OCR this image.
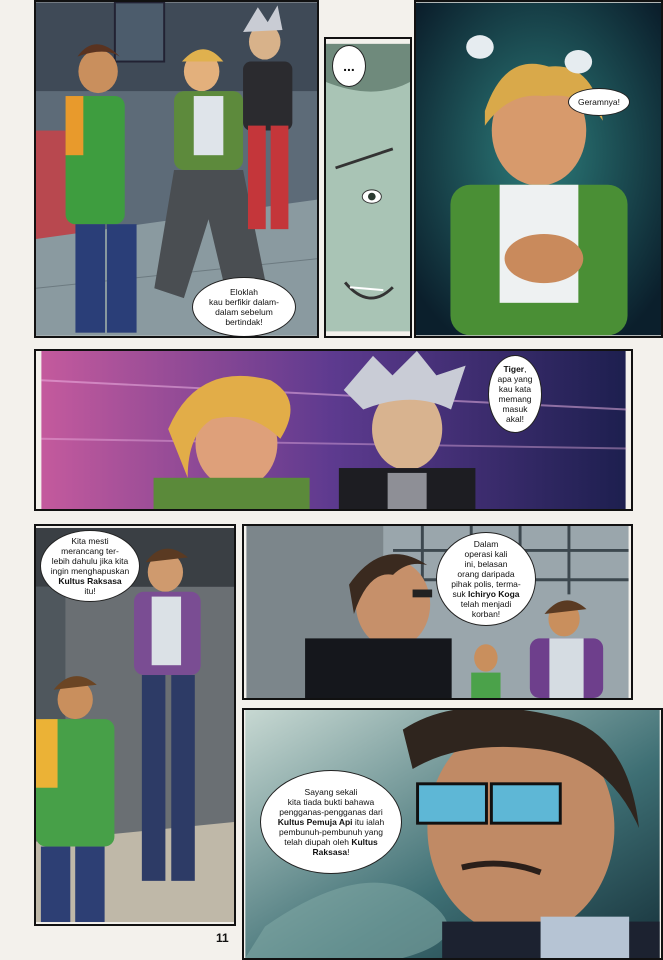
Eloklah
kau berfikir dalam-
dalam sebelum
bertindak!
...
Geramnya!
Tiger,
apa yang
kau kata
memang
masuk
akal!
Kita mesti
merancang ter-
lebih dahulu jika kita
ingin menghapuskan
Kultus Raksasa
itu!
Dalam
operasi kali
ini, belasan
orang daripada
pihak polis, terma-
suk Ichiryo Koga
telah menjadi
korban!
Sayang sekali
kita tiada bukti bahawa
pengganas-pengganas dari
Kultus Pemuja Api itu ialah
pembunuh-pembunuh yang
telah diupah oleh Kultus
Raksasa!
11
